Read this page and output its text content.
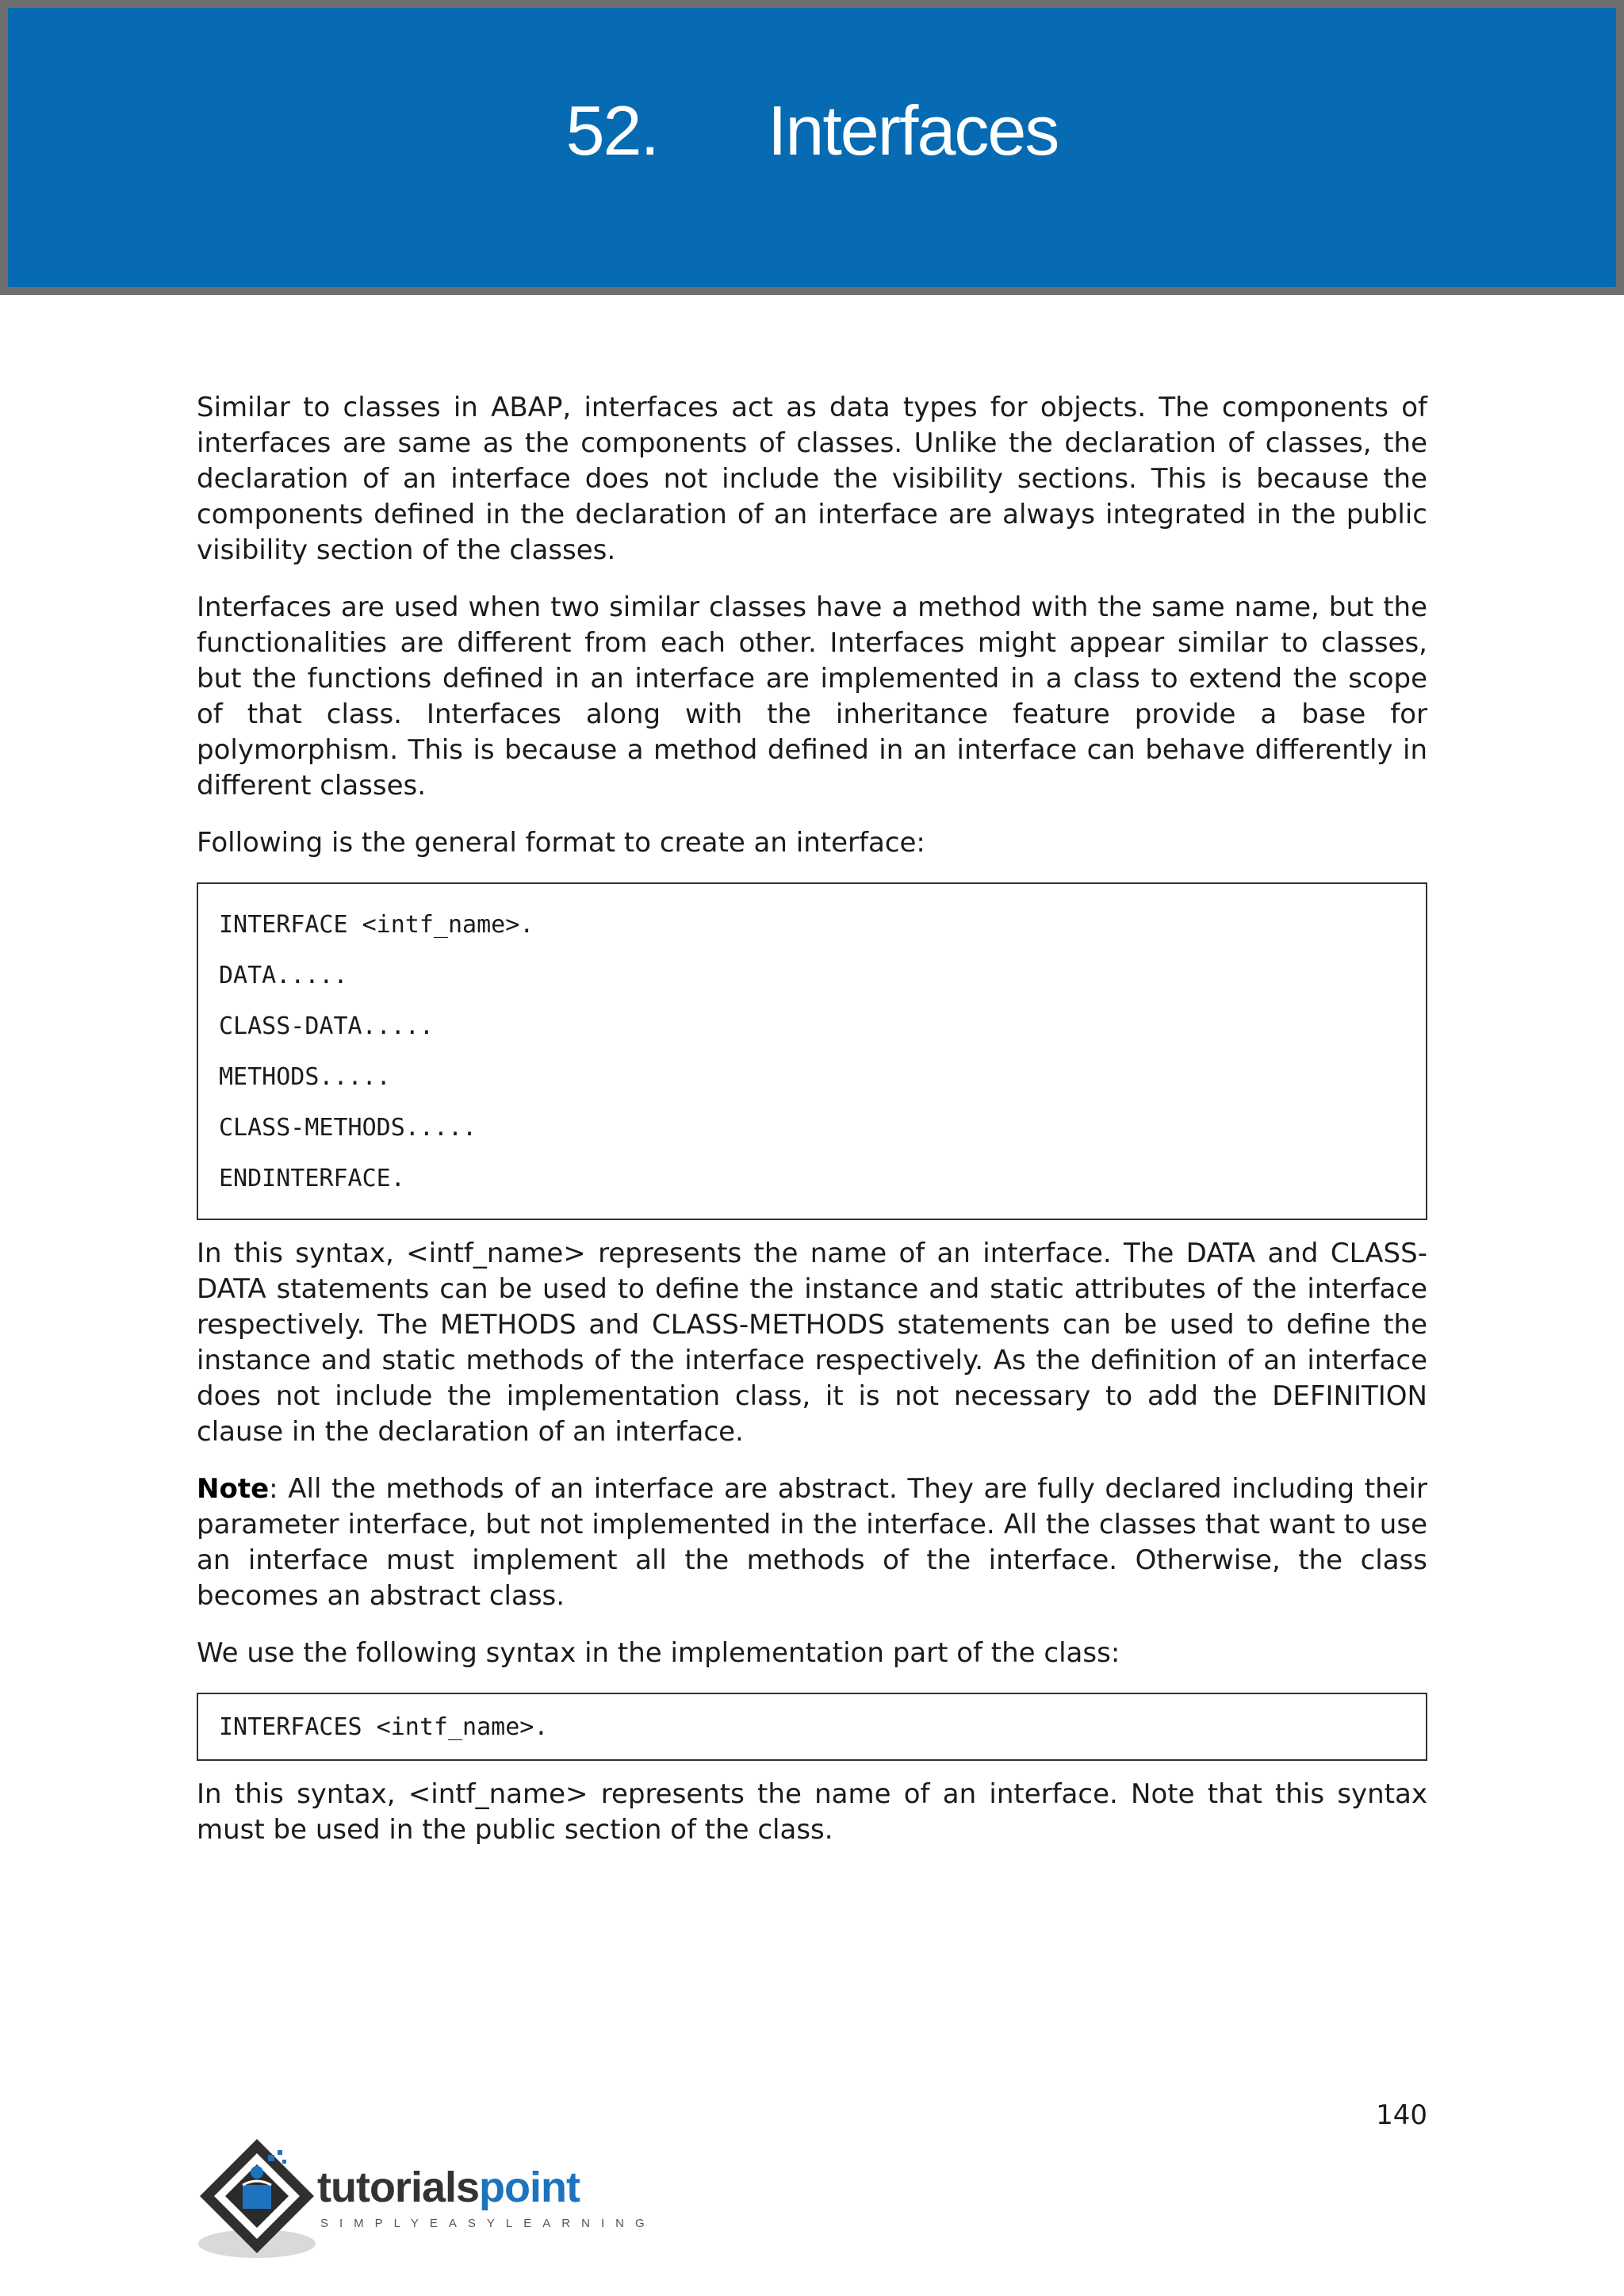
52. Interfaces

Similar to classes in ABAP, interfaces act as data types for objects. The components of interfaces are same as the components of classes. Unlike the declaration of classes, the declaration of an interface does not include the visibility sections. This is because the components defined in the declaration of an interface are always integrated in the public visibility section of the classes.

Interfaces are used when two similar classes have a method with the same name, but the functionalities are different from each other. Interfaces might appear similar to classes, but the functions defined in an interface are implemented in a class to extend the scope of that class. Interfaces along with the inheritance feature provide a base for polymorphism. This is because a method defined in an interface can behave differently in different classes.

Following is the general format to create an interface:

INTERFACE <intf_name>.
DATA.....
CLASS-DATA.....
METHODS.....
CLASS-METHODS.....
ENDINTERFACE.

In this syntax, <intf_name> represents the name of an interface. The DATA and CLASS-DATA statements can be used to define the instance and static attributes of the interface respectively. The METHODS and CLASS-METHODS statements can be used to define the instance and static methods of the interface respectively. As the definition of an interface does not include the implementation class, it is not necessary to add the DEFINITION clause in the declaration of an interface.

Note: All the methods of an interface are abstract. They are fully declared including their parameter interface, but not implemented in the interface. All the classes that want to use an interface must implement all the methods of the interface. Otherwise, the class becomes an abstract class.

We use the following syntax in the implementation part of the class:

INTERFACES <intf_name>.

In this syntax, <intf_name> represents the name of an interface. Note that this syntax must be used in the public section of the class.

140
tutorialspoint
SIMPLYEASYLEARNING
